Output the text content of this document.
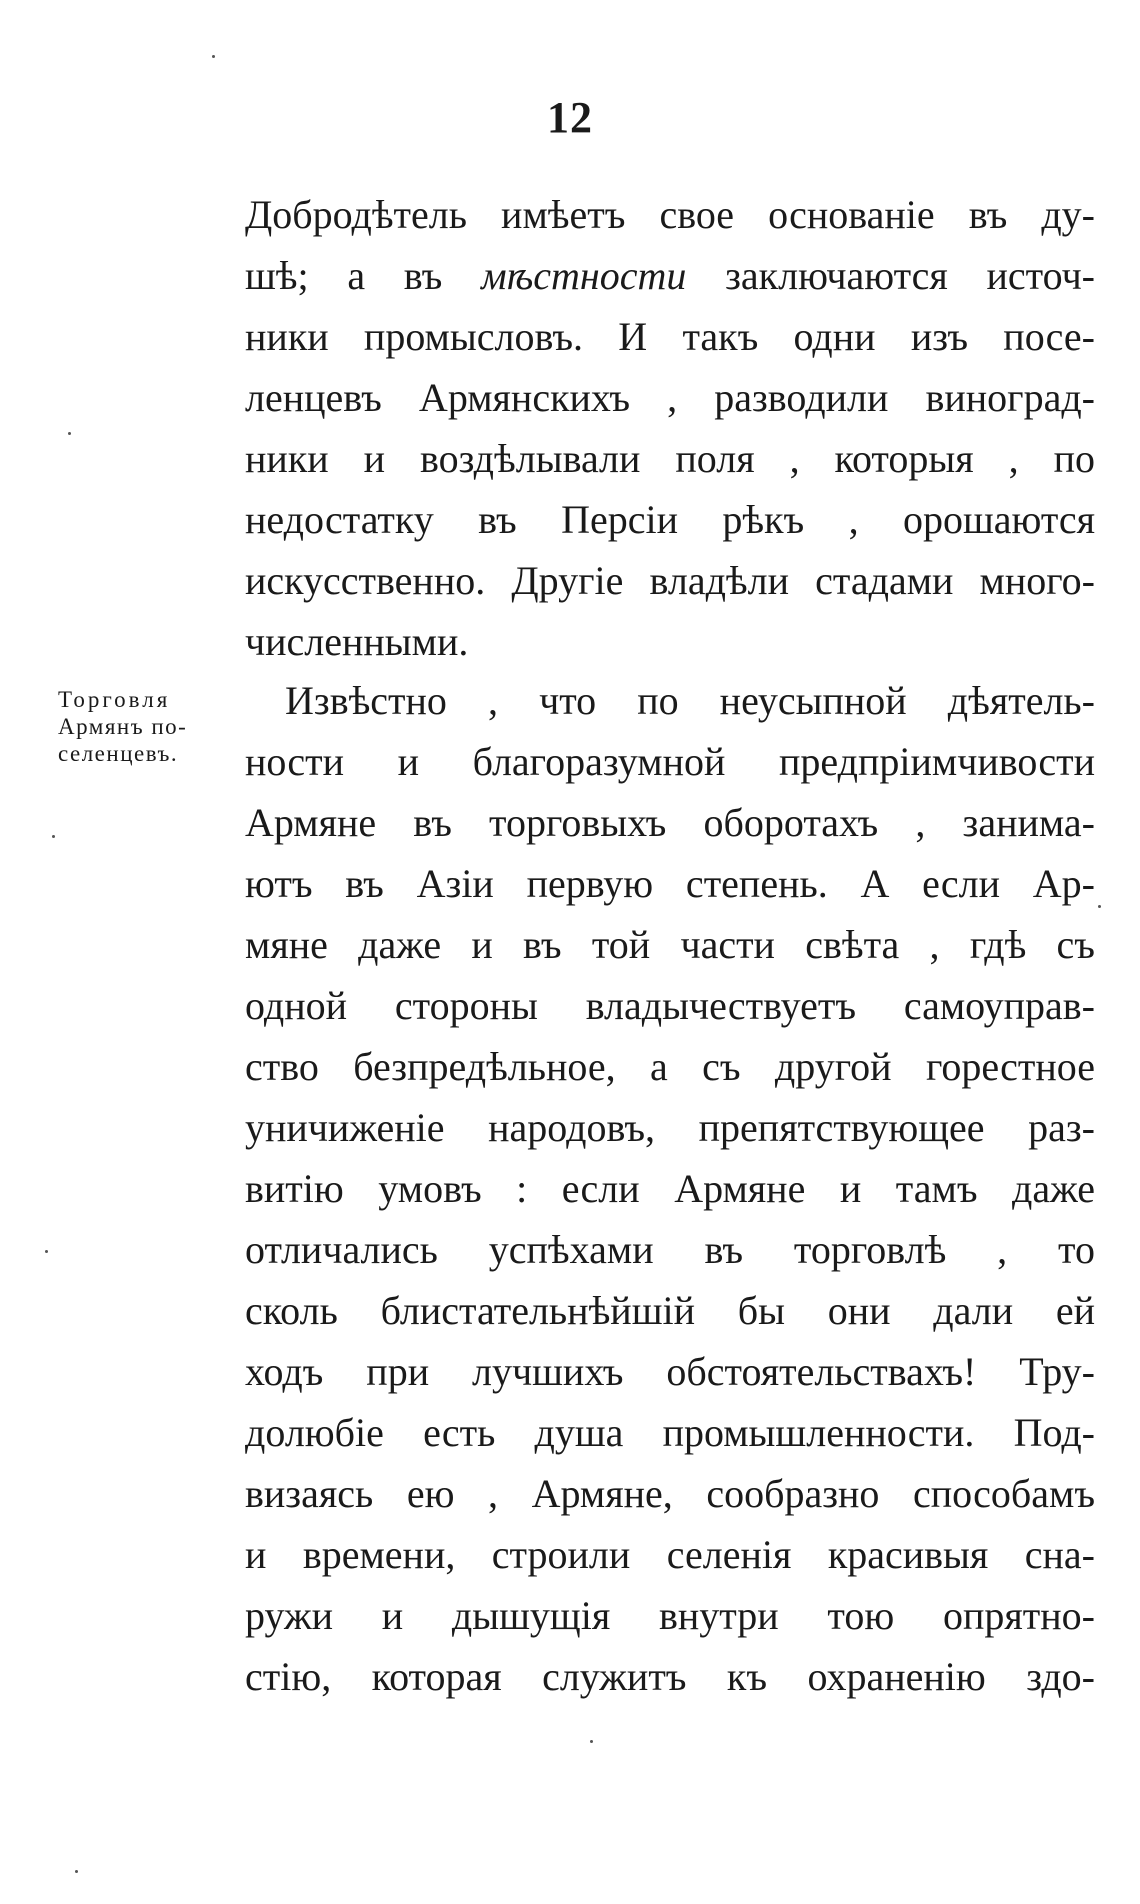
12
Добродѣтель имѣетъ свое основаніе въ ду-
шѣ; а въ мѣстности заключаются источ-
ники промысловъ. И такъ одни изъ посе-
ленцевъ Армянскихъ , разводили виноград-
ники и воздѣлывали поля , которыя , по
недостатку въ Персіи рѣкъ , орошаются
искусственно. Другіе владѣли стадами много-
численными.
Торговля
Армянъ по-
селенцевъ.
Извѣстно , что по неусыпной дѣятель-
ности и благоразумной предпріимчивости
Армяне въ торговыхъ оборотахъ , занима-
ютъ въ Азіи первую степень. А если Ар-
мяне даже и въ той части свѣта , гдѣ съ
одной стороны владычествуетъ самоуправ-
ство безпредѣльное, а съ другой горестное
уничиженіе народовъ, препятствующее раз-
витію умовъ : если Армяне и тамъ даже
отличались успѣхами въ торговлѣ , то
сколь блистательнѣйшій бы они дали ей
ходъ при лучшихъ обстоятельствахъ! Тру-
долюбіе есть душа промышленности. Под-
визаясь ею , Армяне, сообразно способамъ
и времени, строили селенія красивыя сна-
ружи и дышущія внутри тою опрятно-
стію, которая служитъ къ охраненію здо-
